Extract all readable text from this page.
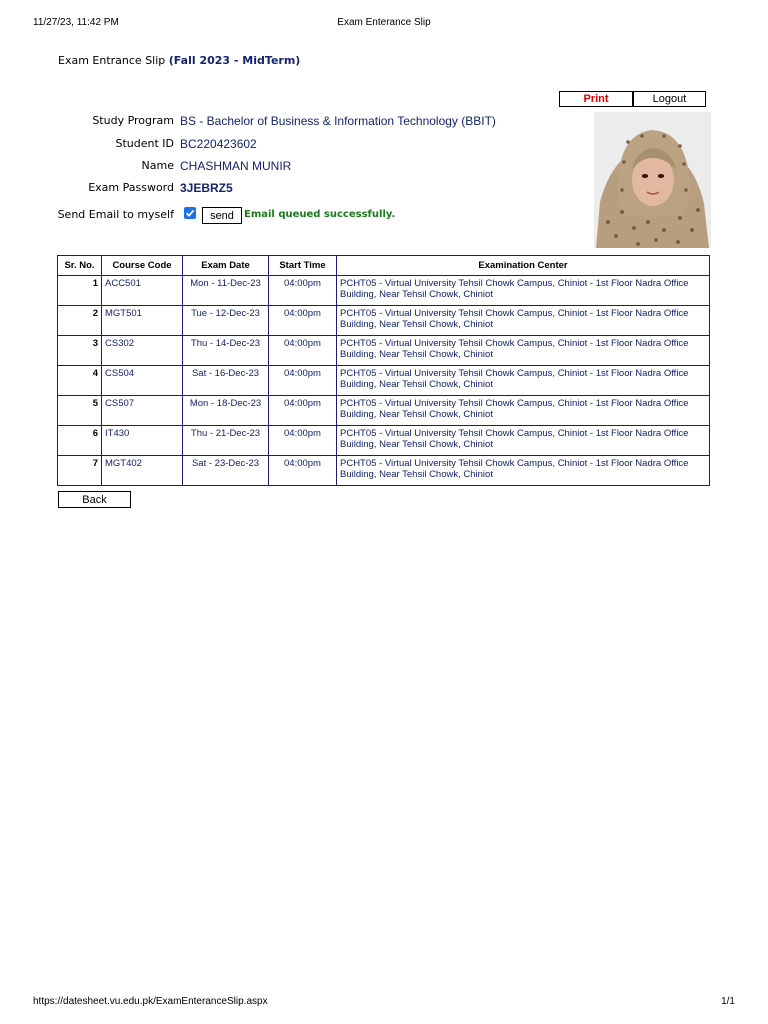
11/27/23, 11:42 PM	Exam Enterance Slip
Exam Entrance Slip (Fall 2023 - MidTerm)
Print	Logout
Study Program BS - Bachelor of Business & Information Technology (BBIT)
Student ID BC220423602
Name CHASHMAN MUNIR
Exam Password 3JEBRZ5
Send Email to myself	send	Email queued successfully.
Sr. No.	Course Code	Exam Date	Start Time	Examination Center
1	ACC501	Mon - 11-Dec-23	04:00pm	PCHT05 - Virtual University Tehsil Chowk Campus, Chiniot - 1st Floor Nadra Office Building, Near Tehsil Chowk, Chiniot
2	MGT501	Tue - 12-Dec-23	04:00pm	PCHT05 - Virtual University Tehsil Chowk Campus, Chiniot - 1st Floor Nadra Office Building, Near Tehsil Chowk, Chiniot
3	CS302	Thu - 14-Dec-23	04:00pm	PCHT05 - Virtual University Tehsil Chowk Campus, Chiniot - 1st Floor Nadra Office Building, Near Tehsil Chowk, Chiniot
4	CS504	Sat - 16-Dec-23	04:00pm	PCHT05 - Virtual University Tehsil Chowk Campus, Chiniot - 1st Floor Nadra Office Building, Near Tehsil Chowk, Chiniot
5	CS507	Mon - 18-Dec-23	04:00pm	PCHT05 - Virtual University Tehsil Chowk Campus, Chiniot - 1st Floor Nadra Office Building, Near Tehsil Chowk, Chiniot
6	IT430	Thu - 21-Dec-23	04:00pm	PCHT05 - Virtual University Tehsil Chowk Campus, Chiniot - 1st Floor Nadra Office Building, Near Tehsil Chowk, Chiniot
7	MGT402	Sat - 23-Dec-23	04:00pm	PCHT05 - Virtual University Tehsil Chowk Campus, Chiniot - 1st Floor Nadra Office Building, Near Tehsil Chowk, Chiniot
Back
https://datesheet.vu.edu.pk/ExamEnteranceSlip.aspx	1/1
